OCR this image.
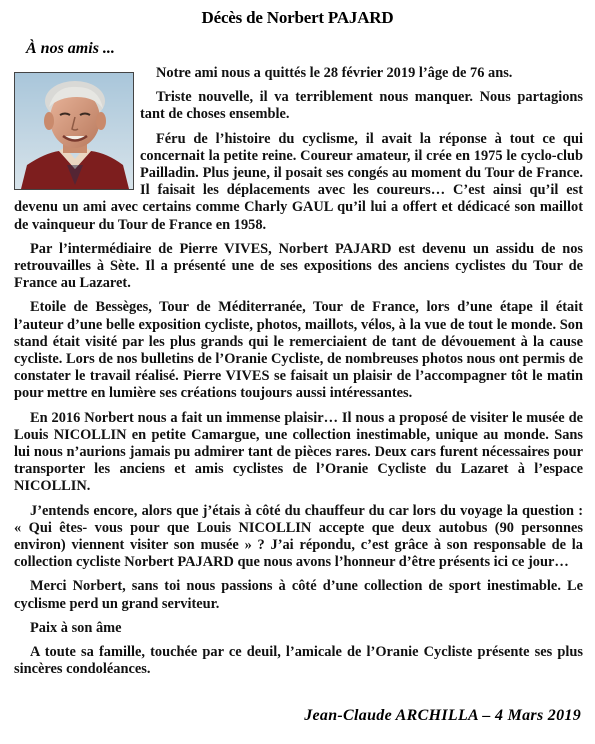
Décès de Norbert PAJARD
À nos amis ...

Notre ami nous a quittés le 28 février 2019 l’âge de 76 ans.

Triste nouvelle, il va terriblement nous manquer. Nous partagions tant de choses ensemble.

Féru de l’histoire du cyclisme, il avait la réponse à tout ce qui concernait la petite reine. Coureur amateur, il crée en 1975 le cyclo-club Pailladin. Plus jeune, il posait ses congés au moment du Tour de France. Il faisait les déplacements avec les coureurs… C’est ainsi qu’il est devenu un ami avec certains comme Charly GAUL qu’il lui a offert et dédicacé son maillot de vainqueur du Tour de France en 1958.

Par l’intermédiaire de Pierre VIVES, Norbert PAJARD est devenu un assidu de nos retrouvailles à Sète. Il a présenté une de ses expositions des anciens cyclistes du Tour de France au Lazaret.

Etoile de Bessèges, Tour de Méditerranée, Tour de France, lors d’une étape il était l’auteur d’une belle exposition cycliste, photos, maillots, vélos, à la vue de tout le monde. Son stand était visité par les plus grands qui le remerciaient de tant de dévouement à la cause cycliste. Lors de nos bulletins de l’Oranie Cycliste, de nombreuses photos nous ont permis de constater le travail réalisé. Pierre VIVES se faisait un plaisir de l’accompagner tôt le matin pour mettre en lumière ses créations toujours aussi intéressantes.

En 2016 Norbert nous a fait un immense plaisir… Il nous a proposé de visiter le musée de Louis NICOLLIN en petite Camargue, une collection inestimable, unique au monde. Sans lui nous n’aurions jamais pu admirer tant de pièces rares. Deux cars furent nécessaires pour transporter les anciens et amis cyclistes de l’Oranie Cycliste du Lazaret à l’espace NICOLLIN.

J’entends encore, alors que j’étais à côté du chauffeur du car lors du voyage la question : « Qui êtes- vous pour que Louis NICOLLIN accepte que deux autobus (90 personnes environ) viennent visiter son musée » ? J’ai répondu, c’est grâce à son responsable de la collection cycliste Norbert PAJARD que nous avons l’honneur d’être présents ici ce jour…

Merci Norbert, sans toi nous passions à côté d’une collection de sport inestimable. Le cyclisme perd un grand serviteur.

Paix à son âme

A toute sa famille, touchée par ce deuil, l’amicale de l’Oranie Cycliste présente ses plus sincères condoléances.

Jean-Claude ARCHILLA – 4 Mars 2019
